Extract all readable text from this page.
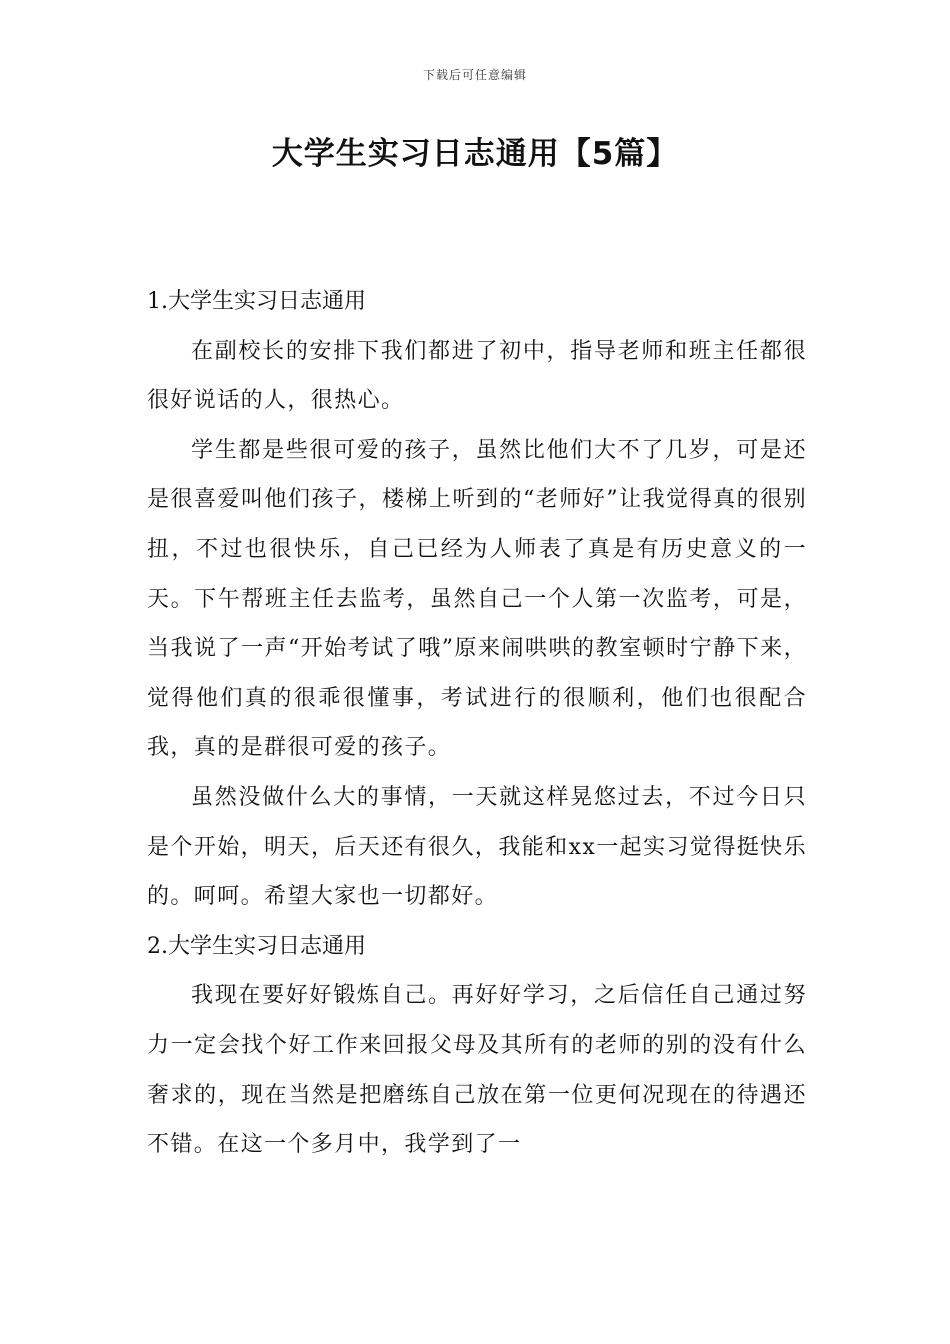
下载后可任意编辑
大学生实习日志通用【5篇】
1.大学生实习日志通用

在副校长的安排下我们都进了初中，指导老师和班主任都很很好说话的人，很热心。

学生都是些很可爱的孩子，虽然比他们大不了几岁，可是还是很喜爱叫他们孩子，楼梯上听到的“老师好”让我觉得真的很别扭，不过也很快乐，自己已经为人师表了真是有历史意义的一天。下午帮班主任去监考，虽然自己一个人第一次监考，可是，当我说了一声“开始考试了哦”原来闹哄哄的教室顿时宁静下来，觉得他们真的很乖很懂事，考试进行的很顺利，他们也很配合我，真的是群很可爱的孩子。

虽然没做什么大的事情，一天就这样晃悠过去，不过今日只是个开始，明天，后天还有很久，我能和xx一起实习觉得挺快乐的。呵呵。希望大家也一切都好。

2.大学生实习日志通用

我现在要好好锻炼自己。再好好学习，之后信任自己通过努力一定会找个好工作来回报父母及其所有的老师的别的没有什么奢求的，现在当然是把磨练自己放在第一位更何况现在的待遇还不错。在这一个多月中，我学到了一
